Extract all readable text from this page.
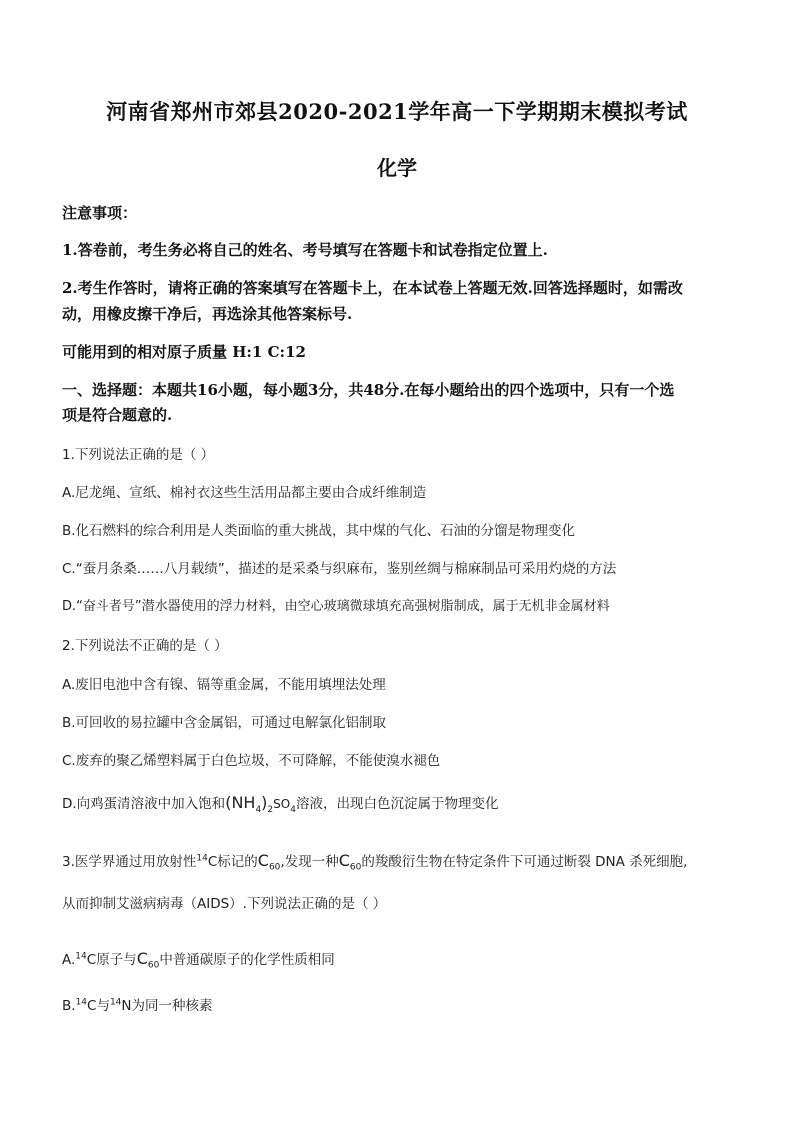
河南省郑州市郊县2020-2021学年高一下学期期末模拟考试
化学
注意事项：
1.答卷前，考生务必将自己的姓名、考号填写在答题卡和试卷指定位置上.
2.考生作答时，请将正确的答案填写在答题卡上，在本试卷上答题无效.回答选择题时，如需改
动，用橡皮擦干净后，再选涂其他答案标号.
可能用到的相对原子质量 H:1 C:12
一、选择题：本题共16小题，每小题3分，共48分.在每小题给出的四个选项中，只有一个选
项是符合题意的.
1.下列说法正确的是（ ）
A.尼龙绳、宣纸、棉衬衣这些生活用品都主要由合成纤维制造
B.化石燃料的综合利用是人类面临的重大挑战，其中煤的气化、石油的分馏是物理变化
C.“蚕月条桑……八月载绩”，描述的是采桑与织麻布，鉴别丝绸与棉麻制品可采用灼烧的方法
D.“奋斗者号”潜水器使用的浮力材料，由空心玻璃微球填充高强树脂制成，属于无机非金属材料
2.下列说法不正确的是（ ）
A.废旧电池中含有镍、镉等重金属，不能用填埋法处理
B.可回收的易拉罐中含金属铝，可通过电解氯化铝制取
C.废弃的聚乙烯塑料属于白色垃圾，不可降解，不能使溴水褪色
D.向鸡蛋清溶液中加入饱和$(NH_4)_2SO_4$溶液，出现白色沉淀属于物理变化
3.医学界通过用放射性$^{14}$C标记的$C_{60}$,发现一种$C_{60}$的羧酸衍生物在特定条件下可通过断裂 DNA 杀死细胞,
从而抑制艾滋病病毒（AIDS）.下列说法正确的是（ ）
A.$^{14}$C原子与$C_{60}$中普通碳原子的化学性质相同
B.$^{14}$C与$^{14}$N为同一种核素
